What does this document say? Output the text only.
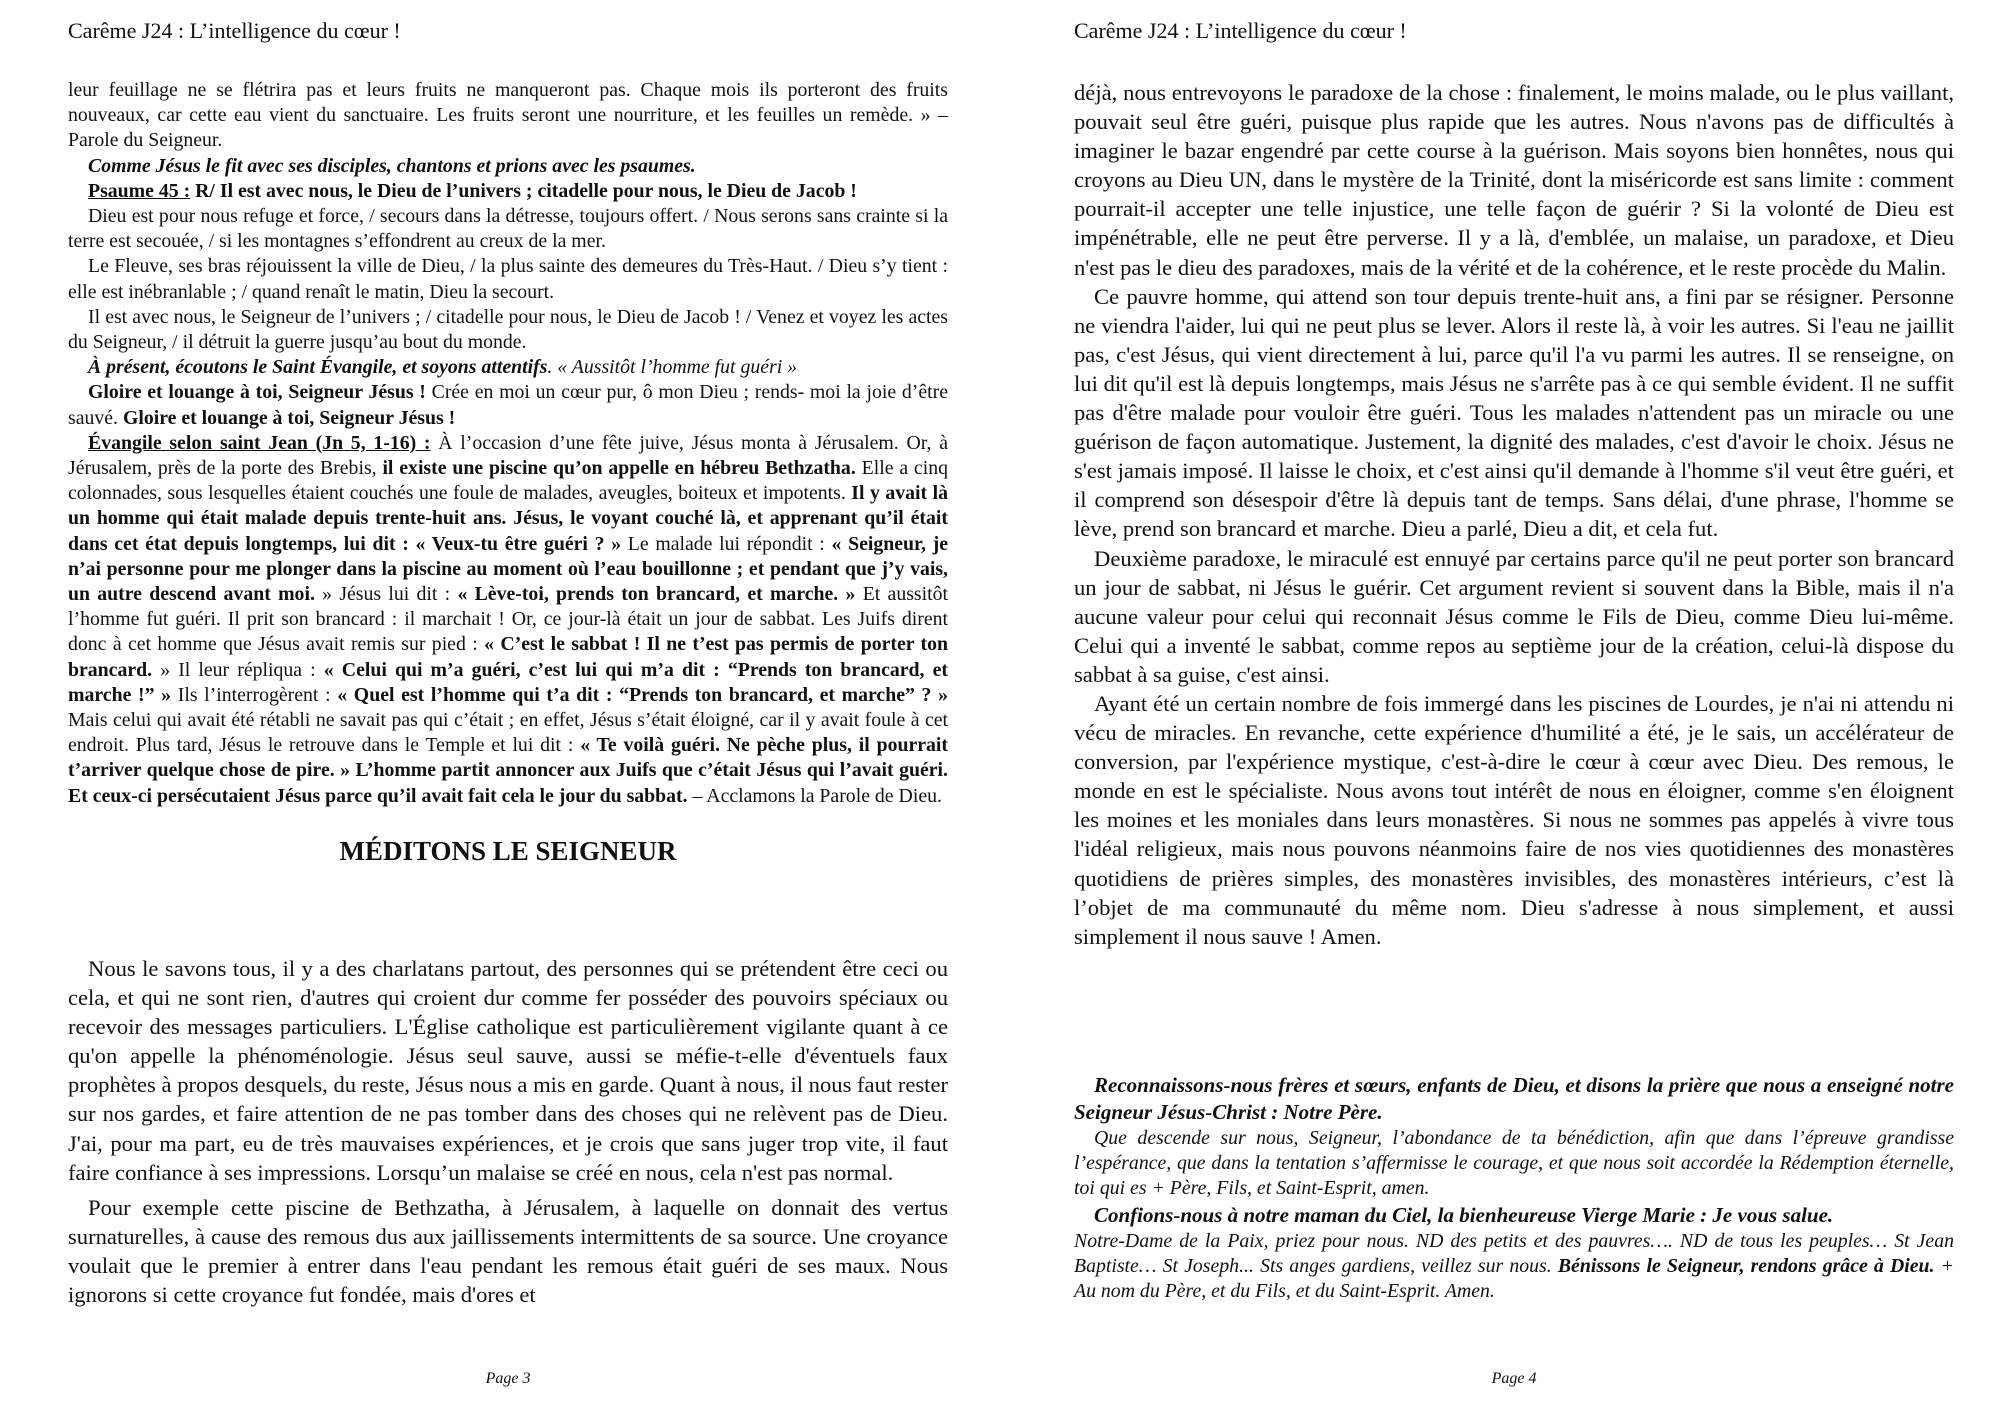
Carême J24 : L’intelligence du cœur !

leur feuillage ne se flétrira pas et leurs fruits ne manqueront pas. Chaque mois ils porteront des fruits nouveaux, car cette eau vient du sanctuaire. Les fruits seront une nourriture, et les feuilles un remède. » – Parole du Seigneur.

Comme Jésus le fit avec ses disciples, chantons et prions avec les psaumes.

Psaume 45 : R/ Il est avec nous, le Dieu de l’univers ; citadelle pour nous, le Dieu de Jacob !

Dieu est pour nous refuge et force, / secours dans la détresse, toujours offert. / Nous serons sans crainte si la terre est secouée, / si les montagnes s’effondrent au creux de la mer.

Le Fleuve, ses bras réjouissent la ville de Dieu, / la plus sainte des demeures du Très-Haut. / Dieu s’y tient : elle est inébranlable ; / quand renaît le matin, Dieu la secourt.

Il est avec nous, le Seigneur de l’univers ; / citadelle pour nous, le Dieu de Jacob ! / Venez et voyez les actes du Seigneur, / il détruit la guerre jusqu’au bout du monde.

À présent, écoutons le Saint Évangile, et soyons attentifs. « Aussitôt l’homme fut guéri »

Gloire et louange à toi, Seigneur Jésus ! Crée en moi un cœur pur, ô mon Dieu ; rends- moi la joie d’être sauvé. Gloire et louange à toi, Seigneur Jésus !

Évangile selon saint Jean (Jn 5, 1-16) : À l’occasion d’une fête juive, Jésus monta à Jérusalem. Or, à Jérusalem, près de la porte des Brebis, il existe une piscine qu’on appelle en hébreu Bethzatha. Elle a cinq colonnades, sous lesquelles étaient couchés une foule de malades, aveugles, boiteux et impotents. Il y avait là un homme qui était malade depuis trente-huit ans. Jésus, le voyant couché là, et apprenant qu’il était dans cet état depuis longtemps, lui dit : « Veux-tu être guéri ? » Le malade lui répondit : « Seigneur, je n’ai personne pour me plonger dans la piscine au moment où l’eau bouillonne ; et pendant que j’y vais, un autre descend avant moi. » Jésus lui dit : « Lève-toi, prends ton brancard, et marche. » Et aussitôt l’homme fut guéri. Il prit son brancard : il marchait ! Or, ce jour-là était un jour de sabbat. Les Juifs dirent donc à cet homme que Jésus avait remis sur pied : « C’est le sabbat ! Il ne t’est pas permis de porter ton brancard. » Il leur répliqua : « Celui qui m’a guéri, c’est lui qui m’a dit : “Prends ton brancard, et marche !” » Ils l’interrogèrent : « Quel est l’homme qui t’a dit : “Prends ton brancard, et marche” ? » Mais celui qui avait été rétabli ne savait pas qui c’était ; en effet, Jésus s’était éloigné, car il y avait foule à cet endroit. Plus tard, Jésus le retrouve dans le Temple et lui dit : « Te voilà guéri. Ne pèche plus, il pourrait t’arriver quelque chose de pire. » L’homme partit annoncer aux Juifs que c’était Jésus qui l’avait guéri. Et ceux-ci persécutaient Jésus parce qu’il avait fait cela le jour du sabbat. – Acclamons la Parole de Dieu.

MÉDITONS LE SEIGNEUR

Nous le savons tous, il y a des charlatans partout, des personnes qui se prétendent être ceci ou cela, et qui ne sont rien, d'autres qui croient dur comme fer posséder des pouvoirs spéciaux ou recevoir des messages particuliers. L'Église catholique est particulièrement vigilante quant à ce qu'on appelle la phénoménologie. Jésus seul sauve, aussi se méfie-t-elle d'éventuels faux prophètes à propos desquels, du reste, Jésus nous a mis en garde. Quant à nous, il nous faut rester sur nos gardes, et faire attention de ne pas tomber dans des choses qui ne relèvent pas de Dieu. J'ai, pour ma part, eu de très mauvaises expériences, et je crois que sans juger trop vite, il faut faire confiance à ses impressions. Lorsqu’un malaise se créé en nous, cela n'est pas normal.

Pour exemple cette piscine de Bethzatha, à Jérusalem, à laquelle on donnait des vertus surnaturelles, à cause des remous dus aux jaillissements intermittents de sa source. Une croyance voulait que le premier à entrer dans l'eau pendant les remous était guéri de ses maux. Nous ignorons si cette croyance fut fondée, mais d'ores et

Page 3
Carême J24 : L’intelligence du cœur !

déjà, nous entrevoyons le paradoxe de la chose : finalement, le moins malade, ou le plus vaillant, pouvait seul être guéri, puisque plus rapide que les autres. Nous n'avons pas de difficultés à imaginer le bazar engendré par cette course à la guérison. Mais soyons bien honnêtes, nous qui croyons au Dieu UN, dans le mystère de la Trinité, dont la miséricorde est sans limite : comment pourrait-il accepter une telle injustice, une telle façon de guérir ? Si la volonté de Dieu est impénétrable, elle ne peut être perverse. Il y a là, d'emblée, un malaise, un paradoxe, et Dieu n'est pas le dieu des paradoxes, mais de la vérité et de la cohérence, et le reste procède du Malin.

Ce pauvre homme, qui attend son tour depuis trente-huit ans, a fini par se résigner. Personne ne viendra l'aider, lui qui ne peut plus se lever. Alors il reste là, à voir les autres. Si l'eau ne jaillit pas, c'est Jésus, qui vient directement à lui, parce qu'il l'a vu parmi les autres. Il se renseigne, on lui dit qu'il est là depuis longtemps, mais Jésus ne s'arrête pas à ce qui semble évident. Il ne suffit pas d'être malade pour vouloir être guéri. Tous les malades n'attendent pas un miracle ou une guérison de façon automatique. Justement, la dignité des malades, c'est d'avoir le choix. Jésus ne s'est jamais imposé. Il laisse le choix, et c'est ainsi qu'il demande à l'homme s'il veut être guéri, et il comprend son désespoir d'être là depuis tant de temps. Sans délai, d'une phrase, l'homme se lève, prend son brancard et marche. Dieu a parlé, Dieu a dit, et cela fut.

Deuxième paradoxe, le miraculé est ennuyé par certains parce qu'il ne peut porter son brancard un jour de sabbat, ni Jésus le guérir. Cet argument revient si souvent dans la Bible, mais il n'a aucune valeur pour celui qui reconnait Jésus comme le Fils de Dieu, comme Dieu lui-même. Celui qui a inventé le sabbat, comme repos au septième jour de la création, celui-là dispose du sabbat à sa guise, c'est ainsi.

Ayant été un certain nombre de fois immergé dans les piscines de Lourdes, je n'ai ni attendu ni vécu de miracles. En revanche, cette expérience d'humilité a été, je le sais, un accélérateur de conversion, par l'expérience mystique, c'est-à-dire le cœur à cœur avec Dieu. Des remous, le monde en est le spécialiste. Nous avons tout intérêt de nous en éloigner, comme s'en éloignent les moines et les moniales dans leurs monastères. Si nous ne sommes pas appelés à vivre tous l'idéal religieux, mais nous pouvons néanmoins faire de nos vies quotidiennes des monastères quotidiens de prières simples, des monastères invisibles, des monastères intérieurs, c’est là l’objet de ma communauté du même nom. Dieu s'adresse à nous simplement, et aussi simplement il nous sauve ! Amen.

Reconnaissons-nous frères et sœurs, enfants de Dieu, et disons la prière que nous a enseigné notre Seigneur Jésus-Christ : Notre Père.

Que descende sur nous, Seigneur, l’abondance de ta bénédiction, afin que dans l’épreuve grandisse l’espérance, que dans la tentation s’affermisse le courage, et que nous soit accordée la Rédemption éternelle, toi qui es + Père, Fils, et Saint-Esprit, amen.

Confions-nous à notre maman du Ciel, la bienheureuse Vierge Marie : Je vous salue.

Notre-Dame de la Paix, priez pour nous. ND des petits et des pauvres…. ND de tous les peuples… St Jean Baptiste… St Joseph... Sts anges gardiens, veillez sur nous. Bénissons le Seigneur, rendons grâce à Dieu. + Au nom du Père, et du Fils, et du Saint-Esprit. Amen.

Page 4
